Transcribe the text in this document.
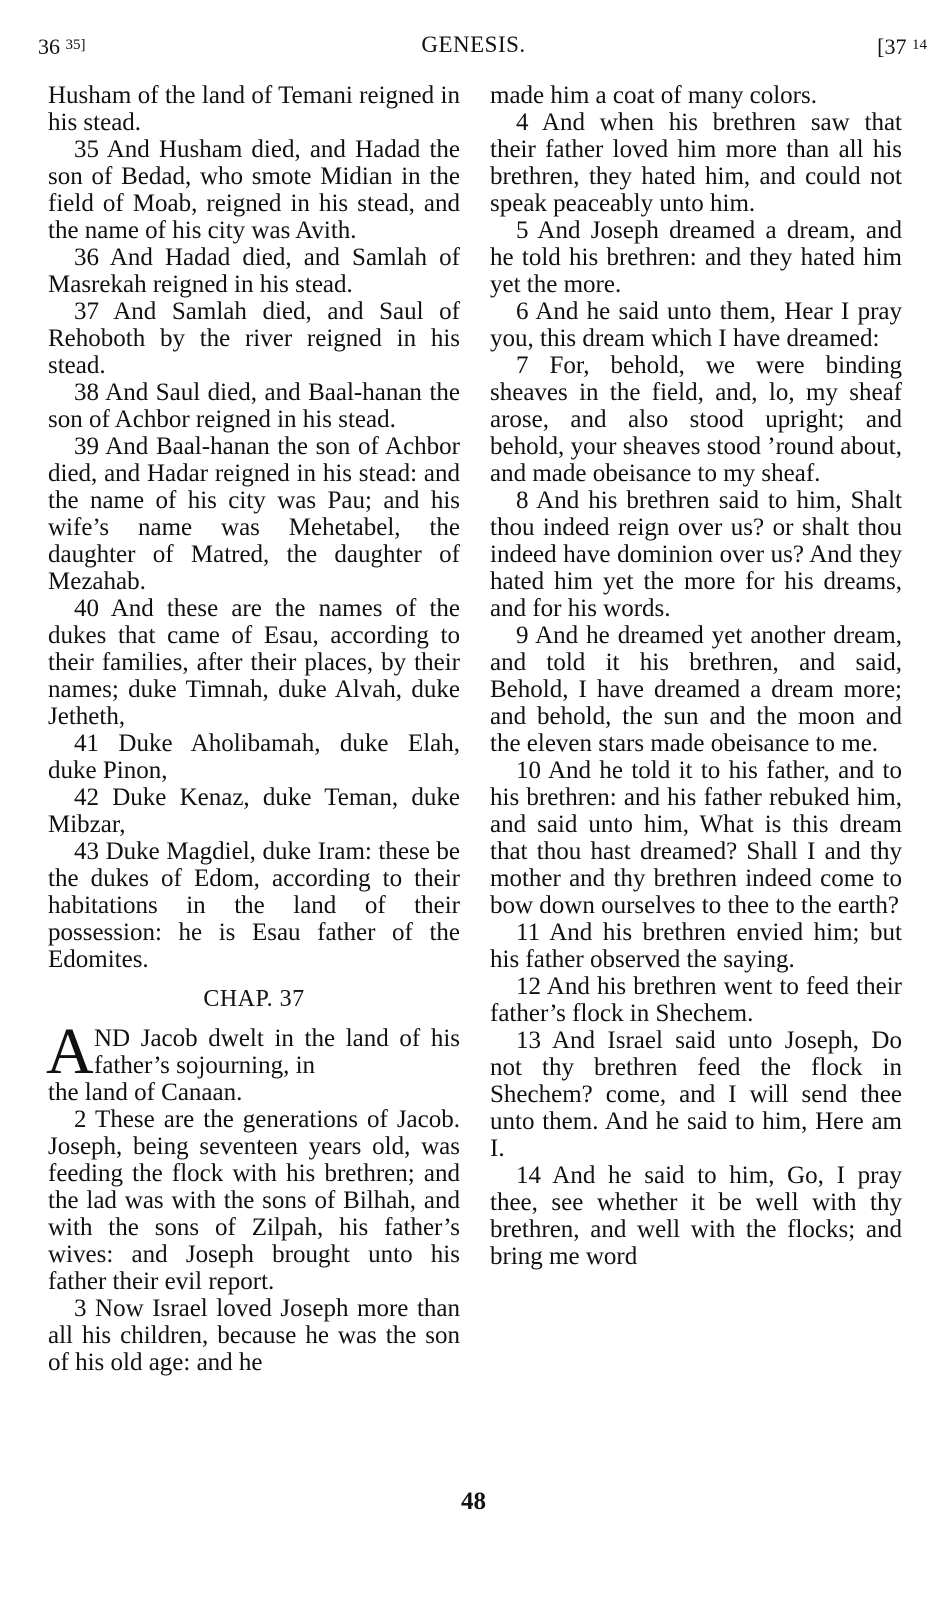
36 $^{35]}$	GENESIS.	[37 $^{14}$

Husham of the land of Temani reigned in his stead.

35 And Husham died, and Hadad the son of Bedad, who smote Midian in the field of Moab, reigned in his stead, and the name of his city was Avith.

36 And Hadad died, and Samlah of Masrekah reigned in his stead.

37 And Samlah died, and Saul of Rehoboth by the river reigned in his stead.

38 And Saul died, and Baal-hanan the son of Achbor reigned in his stead.

39 And Baal-hanan the son of Achbor died, and Hadar reigned in his stead: and the name of his city was Pau; and his wife’s name was Mehetabel, the daughter of Matred, the daughter of Mezahab.

40 And these are the names of the dukes that came of Esau, according to their families, after their places, by their names; duke Timnah, duke Alvah, duke Jetheth,

41 Duke Aholibamah, duke Elah, duke Pinon,

42 Duke Kenaz, duke Teman, duke Mibzar,

43 Duke Magdiel, duke Iram: these be the dukes of Edom, according to their habitations in the land of their possession: he is Esau father of the Edomites.

CHAP. 37
A ND Jacob dwelt in the land of his father’s sojourning, in

the land of Canaan.

2 These are the generations of Jacob. Joseph, being seventeen years old, was feeding the flock with his brethren; and the lad was with the sons of Bilhah, and with the sons of Zilpah, his father’s wives: and Joseph brought unto his father their evil report.

3 Now Israel loved Joseph more than all his children, because he was the son of his old age: and he

made him a coat of many colors.

4 And when his brethren saw that their father loved him more than all his brethren, they hated him, and could not speak peaceably unto him.

5 And Joseph dreamed a dream, and he told his brethren: and they hated him yet the more.

6 And he said unto them, Hear I pray you, this dream which I have dreamed:

7 For, behold, we were binding sheaves in the field, and, lo, my sheaf arose, and also stood upright; and behold, your sheaves stood ’round about, and made obeisance to my sheaf.

8 And his brethren said to him, Shalt thou indeed reign over us? or shalt thou indeed have dominion over us? And they hated him yet the more for his dreams, and for his words.

9 And he dreamed yet another dream, and told it his brethren, and said, Behold, I have dreamed a dream more; and behold, the sun and the moon and the eleven stars made obeisance to me.

10 And he told it to his father, and to his brethren: and his father rebuked him, and said unto him, What is this dream that thou hast dreamed? Shall I and thy mother and thy brethren indeed come to bow down ourselves to thee to the earth?

11 And his brethren envied him; but his father observed the saying.

12 And his brethren went to feed their father’s flock in Shechem.

13 And Israel said unto Joseph, Do not thy brethren feed the flock in Shechem? come, and I will send thee unto them. And he said to him, Here am I.

14 And he said to him, Go, I pray thee, see whether it be well with thy brethren, and well with the flocks; and bring me word

48
